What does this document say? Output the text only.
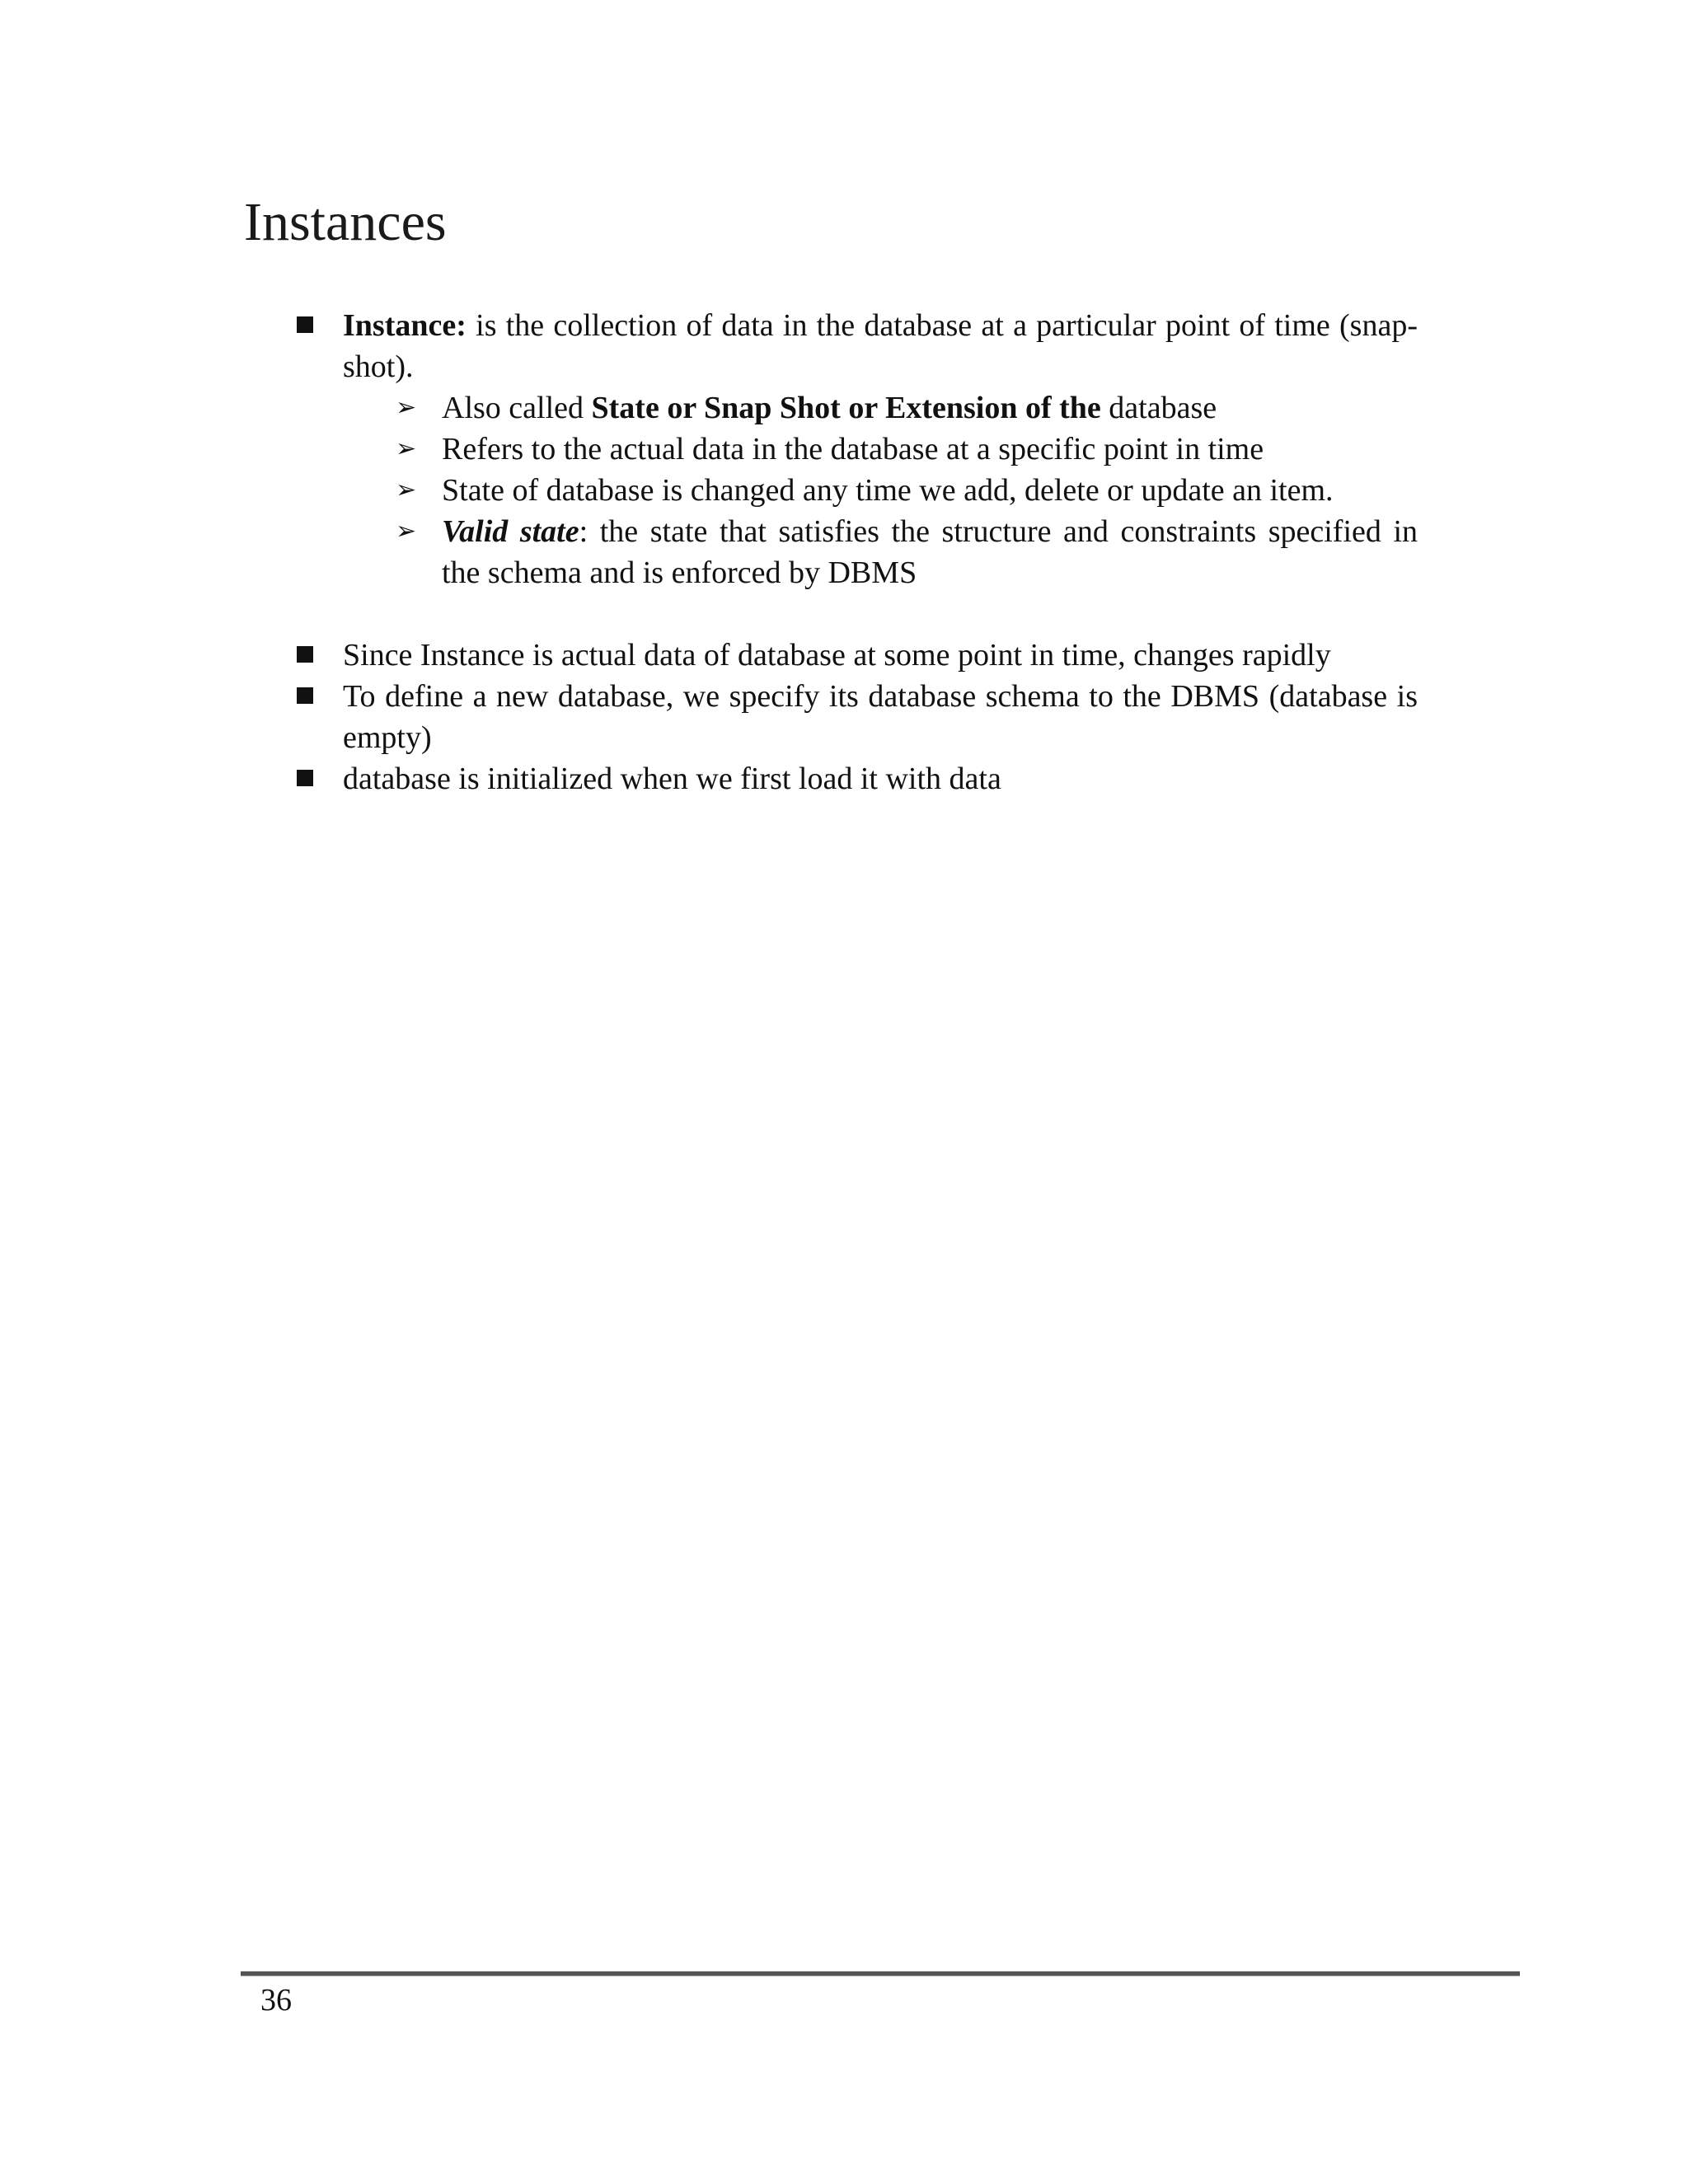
Instances
Instance: is the collection of data in the database at a particular point of time (snap-shot).
➢ Also called State or Snap Shot or Extension of the database
➢ Refers to the actual data in the database at a specific point in time
➢ State of database is changed any time we add, delete or update an item.
➢ Valid state: the state that satisfies the structure and constraints specified in the schema and is enforced by DBMS
Since Instance is actual data of database at some point in time, changes rapidly
To define a new database, we specify its database schema to the DBMS (database is empty)
database is initialized when we first load it with data
36
